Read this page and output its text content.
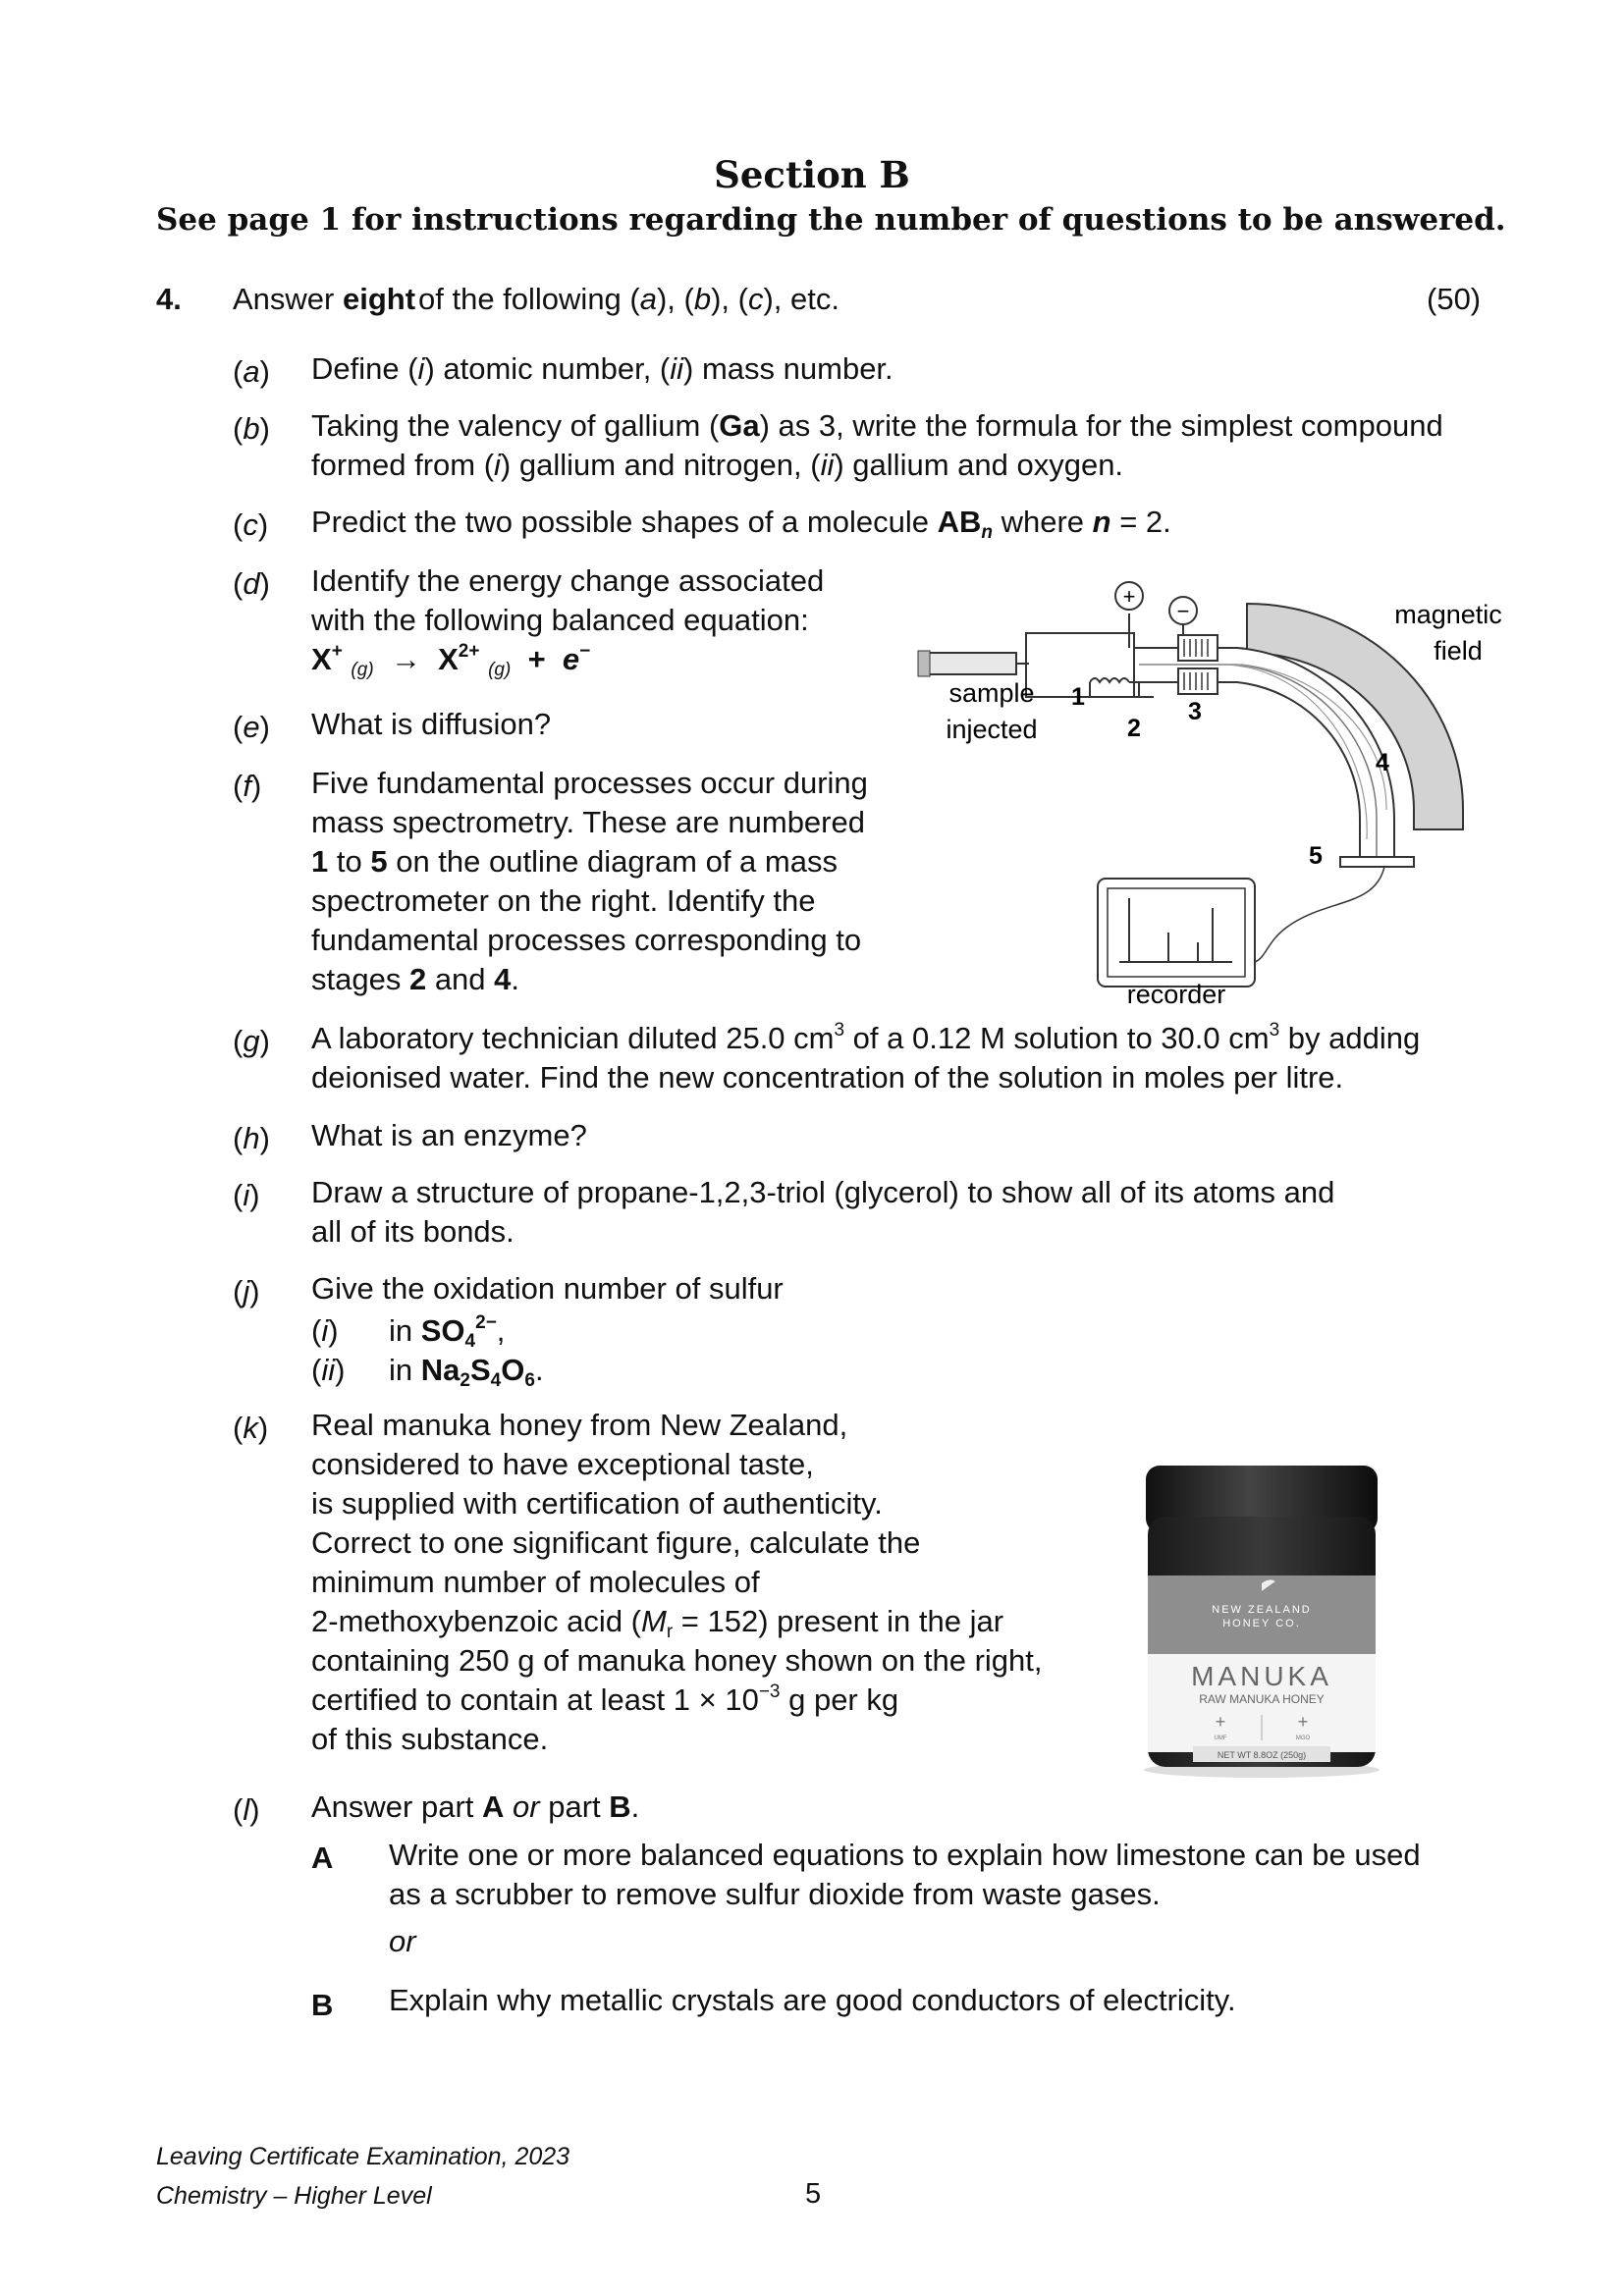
Section B
See page 1 for instructions regarding the number of questions to be answered.
4. Answer eight of the following (a), (b), (c), etc.	(50)
(a) Define (i) atomic number, (ii) mass number.
(b) Taking the valency of gallium (Ga) as 3, write the formula for the simplest compound
formed from (i) gallium and nitrogen, (ii) gallium and oxygen.
(c) Predict the two possible shapes of a molecule $AB_n$ where n = 2.
(d) Identify the energy change associated
with the following balanced equation:
X+ $_{(g)} \to X^{2+}$ $_{(g)}$ + e−
(e) What is diffusion?
(f) Five fundamental processes occur during
mass spectrometry. These are numbered
1 to 5 on the outline diagram of a mass
spectrometer on the right. Identify the
fundamental processes corresponding to
stages 2 and 4.
+
−	magnetic
field
sample
injected
1
2
3
4
5
recorder
(g) A laboratory technician diluted 25.0 $cm^3$ of a 0.12 M solution to 30.0 $cm^3$ by adding
deionised water. Find the new concentration of the solution in moles per litre.
(h) What is an enzyme?
(i) Draw a structure of propane-1,2,3-triol (glycerol) to show all of its atoms and
all of its bonds.
(j) Give the oxidation number of sulfur
(i) in $SO_4^{2-}$,
(ii) in $Na_2S_4O_6$.
(k) Real manuka honey from New Zealand,
considered to have exceptional taste,
is supplied with certification of authenticity.
Correct to one significant figure, calculate the
minimum number of molecules of
2-methoxybenzoic acid $(M_r = 152)$ present in the jar
containing 250 g of manuka honey shown on the right,
certified to contain at least $1 \times 10^{-3}$ g per kg
of this substance.
NEW ZEALAND
HONEY CO.
MANUKA
RAW MANUKA HONEY
+
UMF
+
MGO
NET WT 8.8OZ (250g)
(l) Answer part A or part B.
A Write one or more balanced equations to explain how limestone can be used
as a scrubber to remove sulfur dioxide from waste gases.
or
B Explain why metallic crystals are good conductors of electricity.
Leaving Certificate Examination, 2023
Chemistry – Higher Level	5
